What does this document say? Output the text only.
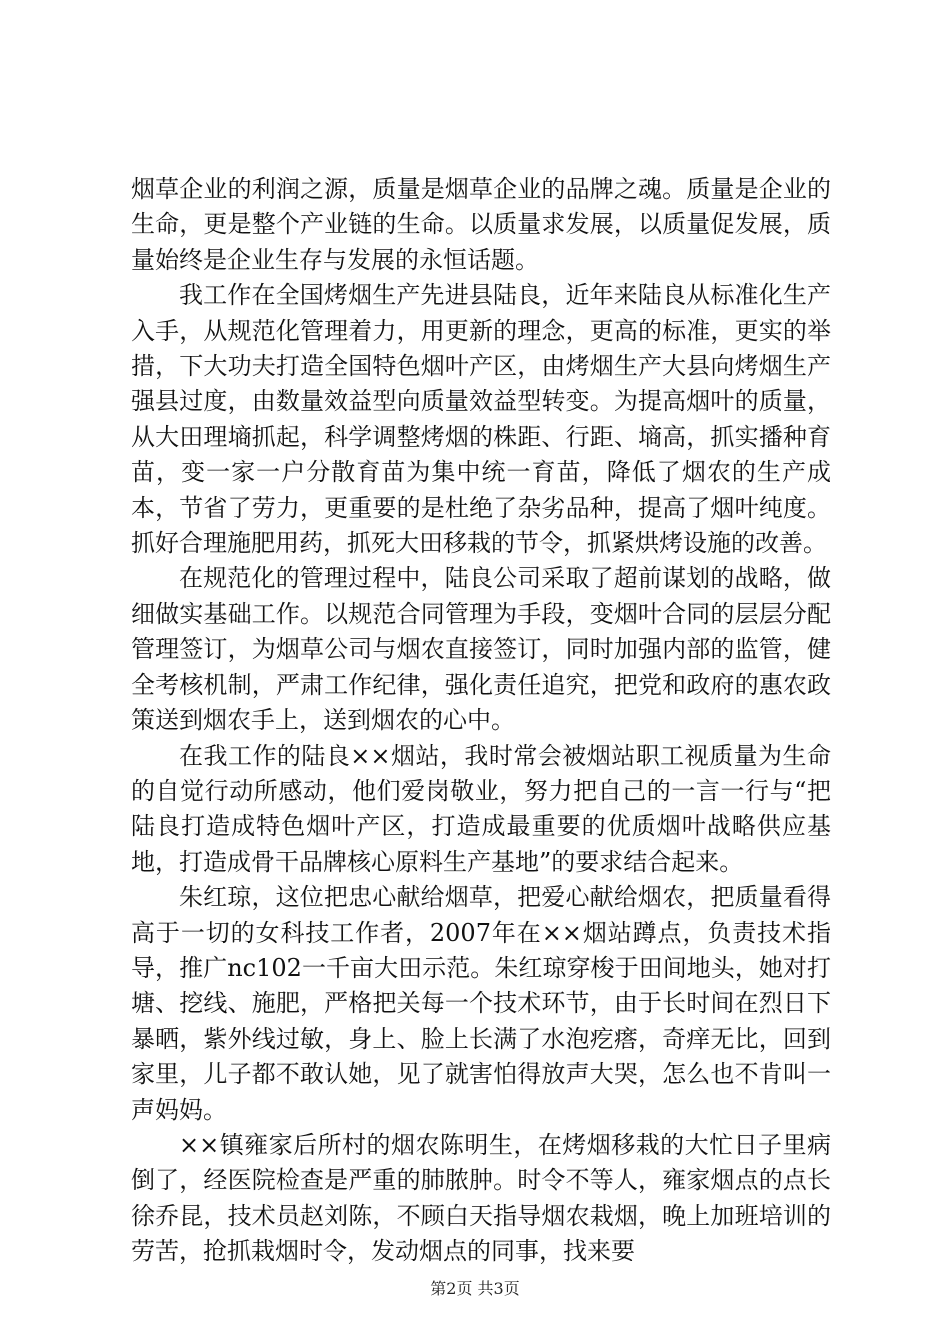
烟草企业的利润之源，质量是烟草企业的品牌之魂。质量是企业的生命，更是整个产业链的生命。以质量求发展，以质量促发展，质量始终是企业生存与发展的永恒话题。

我工作在全国烤烟生产先进县陆良，近年来陆良从标准化生产入手，从规范化管理着力，用更新的理念，更高的标准，更实的举措，下大功夫打造全国特色烟叶产区，由烤烟生产大县向烤烟生产强县过度，由数量效益型向质量效益型转变。为提高烟叶的质量，从大田理墒抓起，科学调整烤烟的株距、行距、墒高，抓实播种育苗，变一家一户分散育苗为集中统一育苗，降低了烟农的生产成本，节省了劳力，更重要的是杜绝了杂劣品种，提高了烟叶纯度。抓好合理施肥用药，抓死大田移栽的节令，抓紧烘烤设施的改善。

在规范化的管理过程中，陆良公司采取了超前谋划的战略，做细做实基础工作。以规范合同管理为手段，变烟叶合同的层层分配管理签订，为烟草公司与烟农直接签订，同时加强内部的监管，健全考核机制，严肃工作纪律，强化责任追究，把党和政府的惠农政策送到烟农手上，送到烟农的心中。

在我工作的陆良××烟站，我时常会被烟站职工视质量为生命的自觉行动所感动，他们爱岗敬业，努力把自己的一言一行与“把陆良打造成特色烟叶产区，打造成最重要的优质烟叶战略供应基地，打造成骨干品牌核心原料生产基地”的要求结合起来。

朱红琼，这位把忠心献给烟草，把爱心献给烟农，把质量看得高于一切的女科技工作者，2007年在××烟站蹲点，负责技术指导，推广nc102一千亩大田示范。朱红琼穿梭于田间地头，她对打塘、挖线、施肥，严格把关每一个技术环节，由于长时间在烈日下暴晒，紫外线过敏，身上、脸上长满了水泡疙瘩，奇痒无比，回到家里，儿子都不敢认她，见了就害怕得放声大哭，怎么也不肯叫一声妈妈。

××镇雍家后所村的烟农陈明生，在烤烟移栽的大忙日子里病倒了，经医院检查是严重的肺脓肿。时令不等人，雍家烟点的点长徐乔昆，技术员赵刘陈，不顾白天指导烟农栽烟，晚上加班培训的劳苦，抢抓栽烟时令，发动烟点的同事，找来要

第2页 共3页
